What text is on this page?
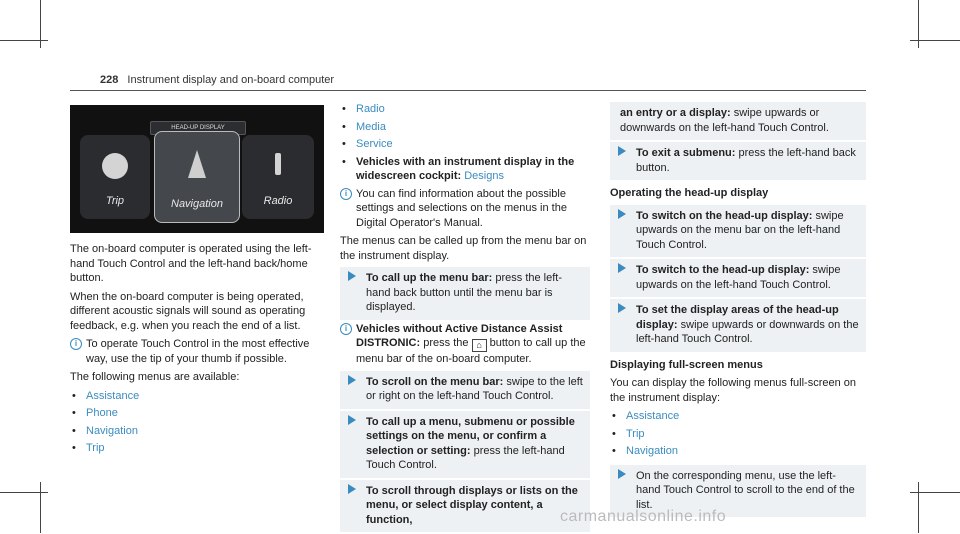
228 Instrument display and on-board computer
HEAD-UP DISPLAY
Trip	Navigation	Radio

The on-board computer is operated using the left-hand Touch Control and the left-hand back/home button.

When the on-board computer is being operated, different acoustic signals will sound as operating feedback, e.g. when you reach the end of a list.

i To operate Touch Control in the most effective way, use the tip of your thumb if possible.

The following menus are available:

• Assistance
• Phone
• Navigation
• Trip
• Radio
• Media
• Service
• Vehicles with an instrument display in the widescreen cockpit: Designs
i You can find information about the possible settings and selections on the menus in the Digital Operator's Manual.

The menus can be called up from the menu bar on the instrument display.

To call up the menu bar: press the left-hand back button until the menu bar is displayed.
i Vehicles without Active Distance Assist DISTRONIC: press the ⌂ button to call up the menu bar of the on-board computer.
To scroll on the menu bar: swipe to the left or right on the left-hand Touch Control.
To call up a menu, submenu or possible settings on the menu, or confirm a selection or setting: press the left-hand Touch Control.
To scroll through displays or lists on the menu, or select display content, a function,
an entry or a display: swipe upwards or downwards on the left-hand Touch Control.
To exit a submenu: press the left-hand back button.
Operating the head-up display
To switch on the head-up display: swipe upwards on the menu bar on the left-hand Touch Control.
To switch to the head-up display: swipe upwards on the left-hand Touch Control.
To set the display areas of the head-up display: swipe upwards or downwards on the left-hand Touch Control.
Displaying full-screen menus

You can display the following menus full-screen on the instrument display:

• Assistance
• Trip
• Navigation
On the corresponding menu, use the left-hand Touch Control to scroll to the end of the list.
carmanualsonline.info
